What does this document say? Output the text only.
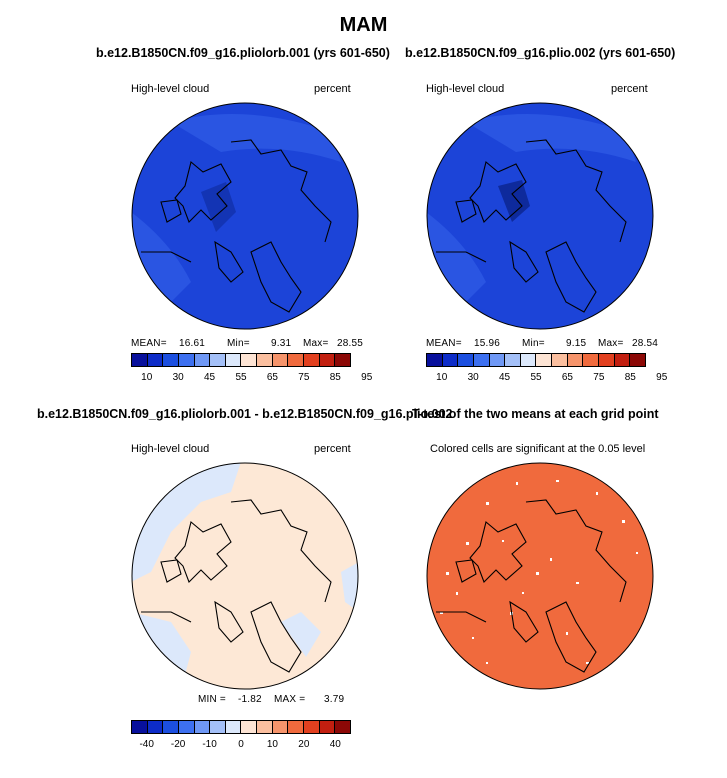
MAM
b.e12.B1850CN.f09_g16.pliolorb.001 (yrs 601-650)
High-level cloud	percent
MEAN= 16.61 Min= 9.31 Max= 28.55
10 30 45 55 65 75 85 95
b.e12.B1850CN.f09_g16.plio.002 (yrs 601-650)
High-level cloud	percent
MEAN= 15.96 Min= 9.15 Max= 28.54
10 30 45 55 65 75 85 95
b.e12.B1850CN.f09_g16.pliolorb.001 - b.e12.B1850CN.f09_g16.plio.002
High-level cloud	percent
MIN = -1.82 MAX = 3.79
-40 -20 -10 0 10 20 40
T-test of the two means at each grid point
Colored cells are significant at the 0.05 level
